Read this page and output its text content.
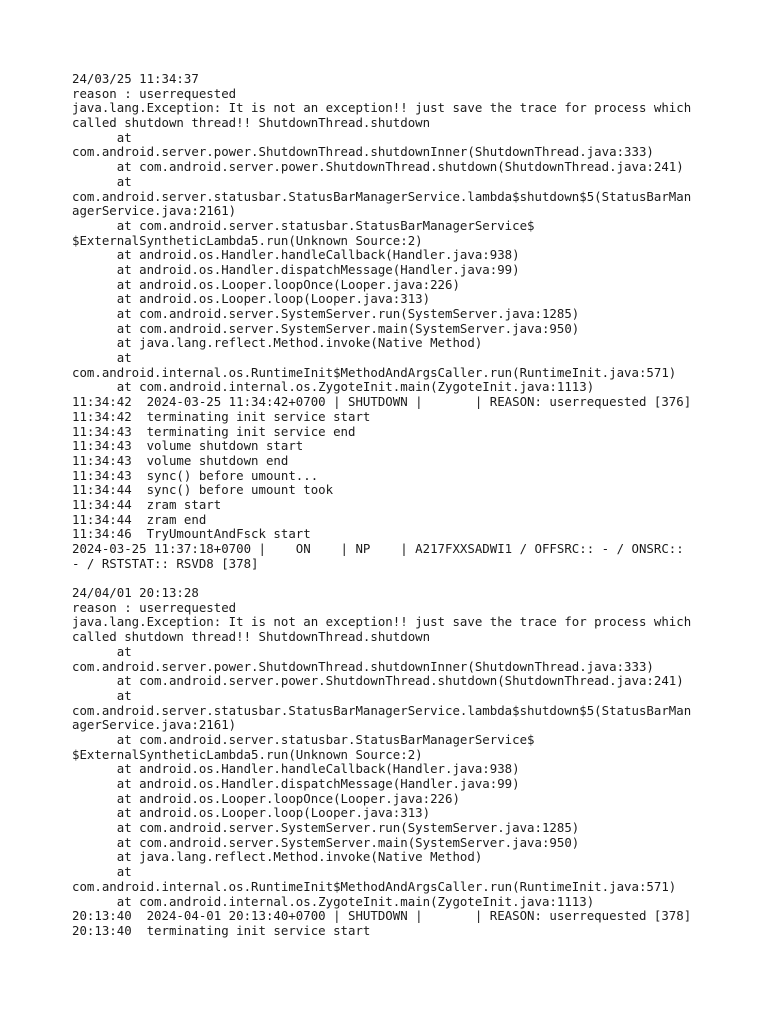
24/03/25 11:34:37
reason : userrequested
java.lang.Exception: It is not an exception!! just save the trace for process which
called shutdown thread!! ShutdownThread.shutdown
at
com.android.server.power.ShutdownThread.shutdownInner(ShutdownThread.java:333)
at com.android.server.power.ShutdownThread.shutdown(ShutdownThread.java:241)
at
com.android.server.statusbar.StatusBarManagerService.lambda$shutdown$5(StatusBarMan
agerService.java:2161)
at com.android.server.statusbar.StatusBarManagerService$
$ExternalSyntheticLambda5.run(Unknown Source:2)
at android.os.Handler.handleCallback(Handler.java:938)
at android.os.Handler.dispatchMessage(Handler.java:99)
at android.os.Looper.loopOnce(Looper.java:226)
at android.os.Looper.loop(Looper.java:313)
at com.android.server.SystemServer.run(SystemServer.java:1285)
at com.android.server.SystemServer.main(SystemServer.java:950)
at java.lang.reflect.Method.invoke(Native Method)
at
com.android.internal.os.RuntimeInit$MethodAndArgsCaller.run(RuntimeInit.java:571)
at com.android.internal.os.ZygoteInit.main(ZygoteInit.java:1113)
11:34:42  2024-03-25 11:34:42+0700 | SHUTDOWN |       | REASON: userrequested [376]
11:34:42  terminating init service start
11:34:43  terminating init service end
11:34:43  volume shutdown start
11:34:43  volume shutdown end
11:34:43  sync() before umount...
11:34:44  sync() before umount took
11:34:44  zram start
11:34:44  zram end
11:34:46  TryUmountAndFsck start
2024-03-25 11:37:18+0700 |    ON    | NP    | A217FXXSADWI1 / OFFSRC:: - / ONSRC::
- / RSTSTAT:: RSVD8 [378]
24/04/01 20:13:28
reason : userrequested
java.lang.Exception: It is not an exception!! just save the trace for process which
called shutdown thread!! ShutdownThread.shutdown
at
com.android.server.power.ShutdownThread.shutdownInner(ShutdownThread.java:333)
at com.android.server.power.ShutdownThread.shutdown(ShutdownThread.java:241)
at
com.android.server.statusbar.StatusBarManagerService.lambda$shutdown$5(StatusBarMan
agerService.java:2161)
at com.android.server.statusbar.StatusBarManagerService$
$ExternalSyntheticLambda5.run(Unknown Source:2)
at android.os.Handler.handleCallback(Handler.java:938)
at android.os.Handler.dispatchMessage(Handler.java:99)
at android.os.Looper.loopOnce(Looper.java:226)
at android.os.Looper.loop(Looper.java:313)
at com.android.server.SystemServer.run(SystemServer.java:1285)
at com.android.server.SystemServer.main(SystemServer.java:950)
at java.lang.reflect.Method.invoke(Native Method)
at
com.android.internal.os.RuntimeInit$MethodAndArgsCaller.run(RuntimeInit.java:571)
at com.android.internal.os.ZygoteInit.main(ZygoteInit.java:1113)
20:13:40  2024-04-01 20:13:40+0700 | SHUTDOWN |       | REASON: userrequested [378]
20:13:40  terminating init service start
